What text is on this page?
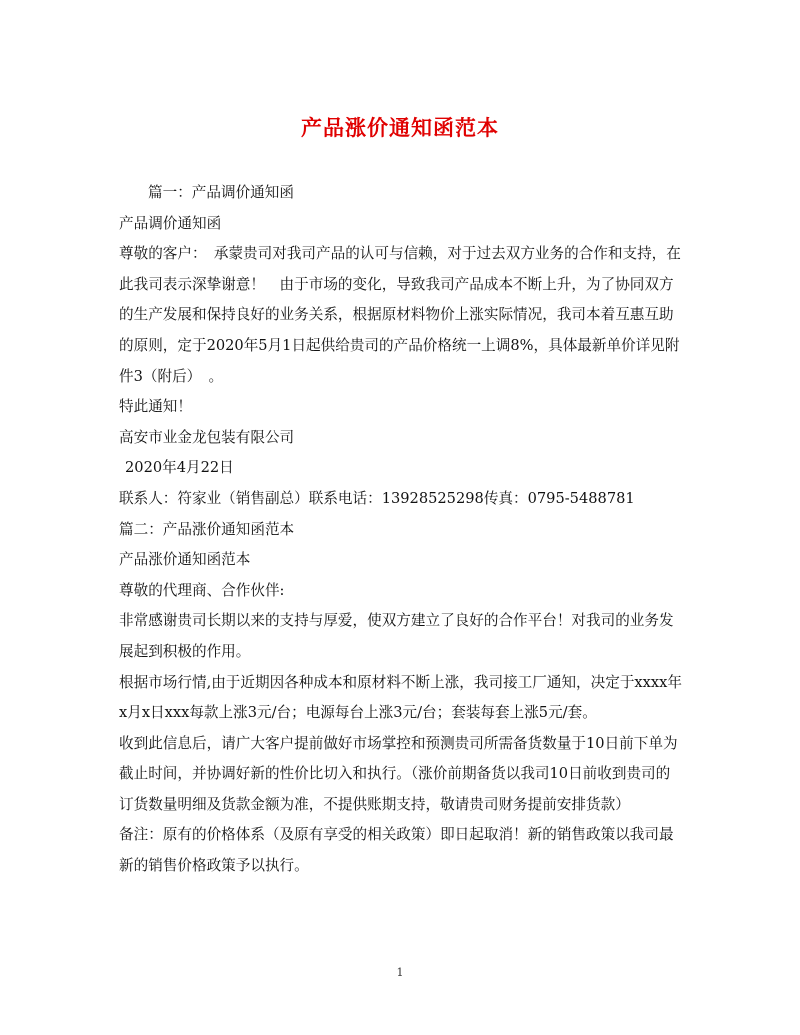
产品涨价通知函范本

篇一：产品调价通知函

产品调价通知函

尊敬的客户：　承蒙贵司对我司产品的认可与信赖，对于过去双方业务的合作和支持，在此我司表示深挚谢意！　由于市场的变化，导致我司产品成本不断上升，为了协同双方的生产发展和保持良好的业务关系，根据原材料物价上涨实际情况，我司本着互惠互助的原则，定于2020年5月1日起供给贵司的产品价格统一上调8%，具体最新单价详见附件3（附后）　。

特此通知！

高安市业金龙包装有限公司

2020年4月22日

联系人：符家业（销售副总）联系电话：13928525298传真：0795-5488781

篇二：产品涨价通知函范本

产品涨价通知函范本

尊敬的代理商、合作伙伴:

非常感谢贵司长期以来的支持与厚爱，使双方建立了良好的合作平台！对我司的业务发展起到积极的作用。

根据市场行情,由于近期因各种成本和原材料不断上涨，我司接工厂通知，决定于xxxx年x月x日xxx每款上涨3元/台；电源每台上涨3元/台；套装每套上涨5元/套。

收到此信息后，请广大客户提前做好市场掌控和预测贵司所需备货数量于10日前下单为截止时间，并协调好新的性价比切入和执行。（涨价前期备货以我司10日前收到贵司的订货数量明细及货款金额为准，不提供账期支持，敬请贵司财务提前安排货款）

备注：原有的价格体系（及原有享受的相关政策）即日起取消！新的销售政策以我司最新的销售价格政策予以执行。

1
